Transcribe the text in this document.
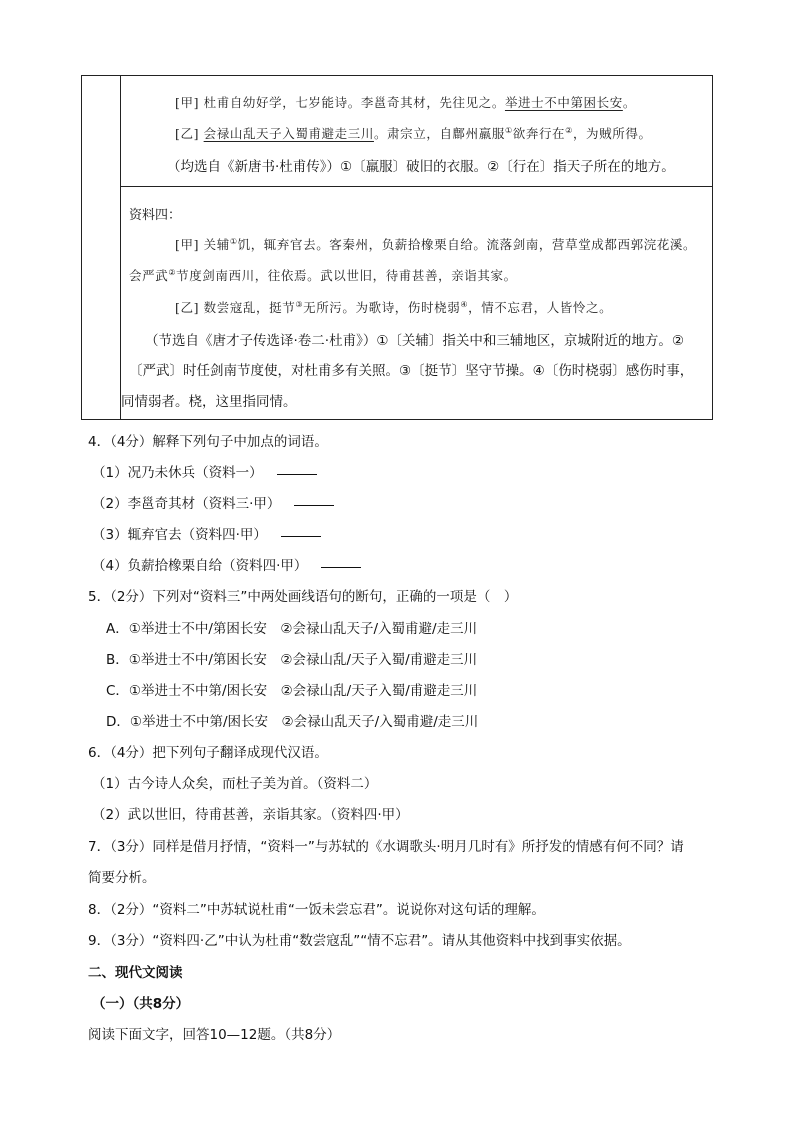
[甲] 杜甫自幼好学，七岁能诗。李邕奇其材，先往见之。举进士不中第困长安。
[乙] 会禄山乱天子入蜀甫避走三川。肃宗立，自鄜州羸服①欲奔行在②，为贼所得。
（均选自《新唐书·杜甫传》）①〔羸服〕破旧的衣服。②〔行在〕指天子所在的地方。
资料四：
[甲] 关辅①饥，辄弃官去。客秦州，负薪拾橡栗自给。流落剑南，营草堂成都西郭浣花溪。
会严武②节度剑南西川，往依焉。武以世旧，待甫甚善，亲诣其家。
[乙] 数尝寇乱，挺节③无所污。为歌诗，伤时桡弱④，情不忘君，人皆怜之。
（节选自《唐才子传选译·卷二·杜甫》）①〔关辅〕指关中和三辅地区，京城附近的地方。②
〔严武〕时任剑南节度使，对杜甫多有关照。③〔挺节〕坚守节操。④〔伤时桡弱〕感伤时事，
同情弱者。桡，这里指同情。
4．（4分）解释下列句子中加点的词语。
（1）况乃未休兵（资料一）
（2）李邕奇其材（资料三·甲）
（3）辄弃官去（资料四·甲）
（4）负薪拾橡栗自给（资料四·甲）
5．（2分）下列对“资料三”中两处画线语句的断句，正确的一项是（　）
A．①举进士不中/第困长安　②会禄山乱天子/入蜀甫避/走三川
B．①举进士不中/第困长安　②会禄山乱/天子入蜀/甫避走三川
C．①举进士不中第/困长安　②会禄山乱/天子入蜀/甫避走三川
D．①举进士不中第/困长安　②会禄山乱天子/入蜀甫避/走三川
6．（4分）把下列句子翻译成现代汉语。
（1）古今诗人众矣，而杜子美为首。（资料二）
（2）武以世旧，待甫甚善，亲诣其家。（资料四·甲）
7．（3分）同样是借月抒情，“资料一”与苏轼的《水调歌头·明月几时有》所抒发的情感有何不同？请
简要分析。
8．（2分）“资料二”中苏轼说杜甫“一饭未尝忘君”。说说你对这句话的理解。
9．（3分）“资料四·乙”中认为杜甫“数尝寇乱”“情不忘君”。请从其他资料中找到事实依据。
二、现代文阅读
（一）（共8分）
阅读下面文字，回答10—12题。（共8分）
